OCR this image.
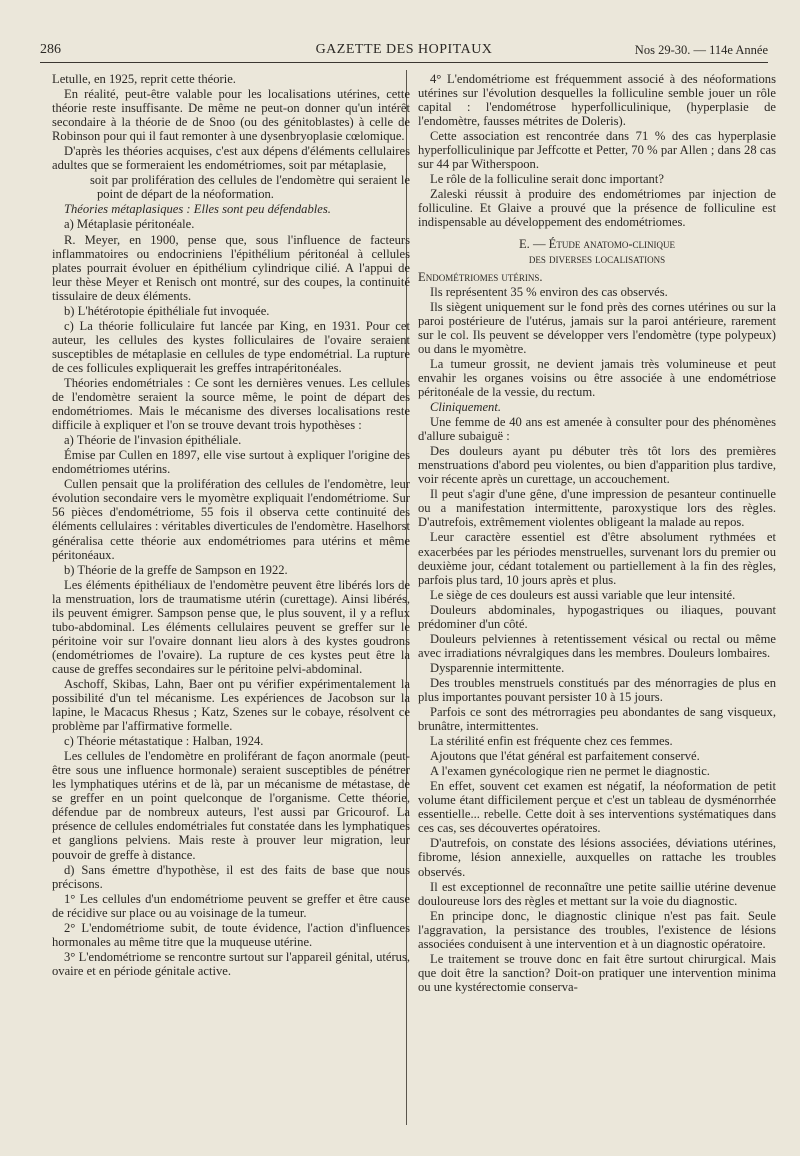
286	GAZETTE DES HOPITAUX	Nos 29-30. — 114e Année

Letulle, en 1925, reprit cette théorie.

En réalité, peut-être valable pour les localisations utérines, cette théorie reste insuffisante. De même ne peut-on donner qu'un intérêt secondaire à la théorie de de Snoo (ou des génitoblastes) à celle de Robinson pour qui il faut remonter à une dysenbryoplasie cœlomique.

D'après les théories acquises, c'est aux dépens d'éléments cellulaires adultes que se formeraient les endométriomes, soit par métaplasie,

soit par prolifération des cellules de l'endomètre qui seraient le point de départ de la néoformation.

Théories métaplasiques : Elles sont peu défendables.

a) Métaplasie péritonéale.

R. Meyer, en 1900, pense que, sous l'influence de facteurs inflammatoires ou endocriniens l'épithélium péritonéal à cellules plates pourrait évoluer en épithélium cylindrique cilié. A l'appui de leur thèse Meyer et Renisch ont montré, sur des coupes, la continuité tissulaire de deux éléments.

b) L'hétérotopie épithéliale fut invoquée.

c) La théorie folliculaire fut lancée par King, en 1931. Pour cet auteur, les cellules des kystes folliculaires de l'ovaire seraient susceptibles de métaplasie en cellules de type endométrial. La rupture de ces follicules expliquerait les greffes intrapéritonéales.

Théories endométriales : Ce sont les dernières venues. Les cellules de l'endomètre seraient la source même, le point de départ des endométriomes. Mais le mécanisme des diverses localisations reste difficile à expliquer et l'on se trouve devant trois hypothèses :

a) Théorie de l'invasion épithéliale.

Émise par Cullen en 1897, elle vise surtout à expliquer l'origine des endométriomes utérins.

Cullen pensait que la prolifération des cellules de l'endomètre, leur évolution secondaire vers le myomètre expliquait l'endométriome. Sur 56 pièces d'endométriome, 55 fois il observa cette continuité des éléments cellulaires : véritables diverticules de l'endomètre. Haselhorst généralisa cette théorie aux endométriomes para utérins et même péritonéaux.

b) Théorie de la greffe de Sampson en 1922.

Les éléments épithéliaux de l'endomètre peuvent être libérés lors de la menstruation, lors de traumatisme utérin (curettage). Ainsi libérés, ils peuvent émigrer. Sampson pense que, le plus souvent, il y a reflux tubo-abdominal. Les éléments cellulaires peuvent se greffer sur le péritoine voir sur l'ovaire donnant lieu alors à des kystes goudrons (endométriomes de l'ovaire). La rupture de ces kystes peut être la cause de greffes secondaires sur le péritoine pelvi-abdominal.

Aschoff, Skibas, Lahn, Baer ont pu vérifier expérimentalement la possibilité d'un tel mécanisme. Les expériences de Jacobson sur la lapine, le Macacus Rhesus ; Katz, Szenes sur le cobaye, résolvent ce problème par l'affirmative formelle.

c) Théorie métastatique : Halban, 1924.

Les cellules de l'endomètre en proliférant de façon anormale (peut-être sous une influence hormonale) seraient susceptibles de pénétrer les lymphatiques utérins et de là, par un mécanisme de métastase, de se greffer en un point quelconque de l'organisme. Cette théorie, défendue par de nombreux auteurs, l'est aussi par Gricourof. La présence de cellules endométriales fut constatée dans les lymphatiques et ganglions pelviens. Mais reste à prouver leur migration, leur pouvoir de greffe à distance.

d) Sans émettre d'hypothèse, il est des faits de base que nous précisons.

1° Les cellules d'un endométriome peuvent se greffer et être cause de récidive sur place ou au voisinage de la tumeur.

2° L'endométriome subit, de toute évidence, l'action d'influences hormonales au même titre que la muqueuse utérine.

3° L'endométriome se rencontre surtout sur l'appareil génital, utérus, ovaire et en période génitale active.

4° L'endométriome est fréquemment associé à des néoformations utérines sur l'évolution desquelles la folliculine semble jouer un rôle capital : l'endométrose hyperfolliculinique, (hyperplasie de l'endomètre, fausses métrites de Doleris).

Cette association est rencontrée dans 71 % des cas hyperplasie hyperfolliculinique par Jeffcotte et Petter, 70 % par Allen ; dans 28 cas sur 44 par Witherspoon.

Le rôle de la folliculine serait donc important?

Zaleski réussit à produire des endométriomes par injection de folliculine. Et Glaive a prouvé que la présence de folliculine est indispensable au développement des endométriomes.

E. — Étude anatomo-clinique

des diverses localisations

Endométriomes utérins.

Ils représentent 35 % environ des cas observés.

Ils siègent uniquement sur le fond près des cornes utérines ou sur la paroi postérieure de l'utérus, jamais sur la paroi antérieure, rarement sur le col. Ils peuvent se développer vers l'endomètre (type polypeux) ou dans le myomètre.

La tumeur grossit, ne devient jamais très volumineuse et peut envahir les organes voisins ou être associée à une endométriose péritonéale de la vessie, du rectum.

Cliniquement.

Une femme de 40 ans est amenée à consulter pour des phénomènes d'allure subaiguë :

Des douleurs ayant pu débuter très tôt lors des premières menstruations d'abord peu violentes, ou bien d'apparition plus tardive, voir récente après un curettage, un accouchement.

Il peut s'agir d'une gêne, d'une impression de pesanteur continuelle ou a manifestation intermittente, paroxystique lors des règles. D'autrefois, extrêmement violentes obligeant la malade au repos.

Leur caractère essentiel est d'être absolument rythmées et exacerbées par les périodes menstruelles, survenant lors du premier ou deuxième jour, cédant totalement ou partiellement à la fin des règles, parfois plus tard, 10 jours après et plus.

Le siège de ces douleurs est aussi variable que leur intensité.

Douleurs abdominales, hypogastriques ou iliaques, pouvant prédominer d'un côté.

Douleurs pelviennes à retentissement vésical ou rectal ou même avec irradiations névralgiques dans les membres. Douleurs lombaires.

Dysparennie intermittente.

Des troubles menstruels constitués par des ménorragies de plus en plus importantes pouvant persister 10 à 15 jours.

Parfois ce sont des métrorragies peu abondantes de sang visqueux, brunâtre, intermittentes.

La stérilité enfin est fréquente chez ces femmes.

Ajoutons que l'état général est parfaitement conservé.

A l'examen gynécologique rien ne permet le diagnostic.

En effet, souvent cet examen est négatif, la néoformation de petit volume étant difficilement perçue et c'est un tableau de dysménorrhée essentielle... rebelle. Cette doit à ses interventions systématiques dans ces cas, ses découvertes opératoires.

D'autrefois, on constate des lésions associées, déviations utérines, fibrome, lésion annexielle, auxquelles on rattache les troubles observés.

Il est exceptionnel de reconnaître une petite saillie utérine devenue douloureuse lors des règles et mettant sur la voie du diagnostic.

En principe donc, le diagnostic clinique n'est pas fait. Seule l'aggravation, la persistance des troubles, l'existence de lésions associées conduisent à une intervention et à un diagnostic opératoire.

Le traitement se trouve donc en fait être surtout chirurgical. Mais que doit être la sanction? Doit-on pratiquer une intervention minima ou une kystérectomie conserva-
